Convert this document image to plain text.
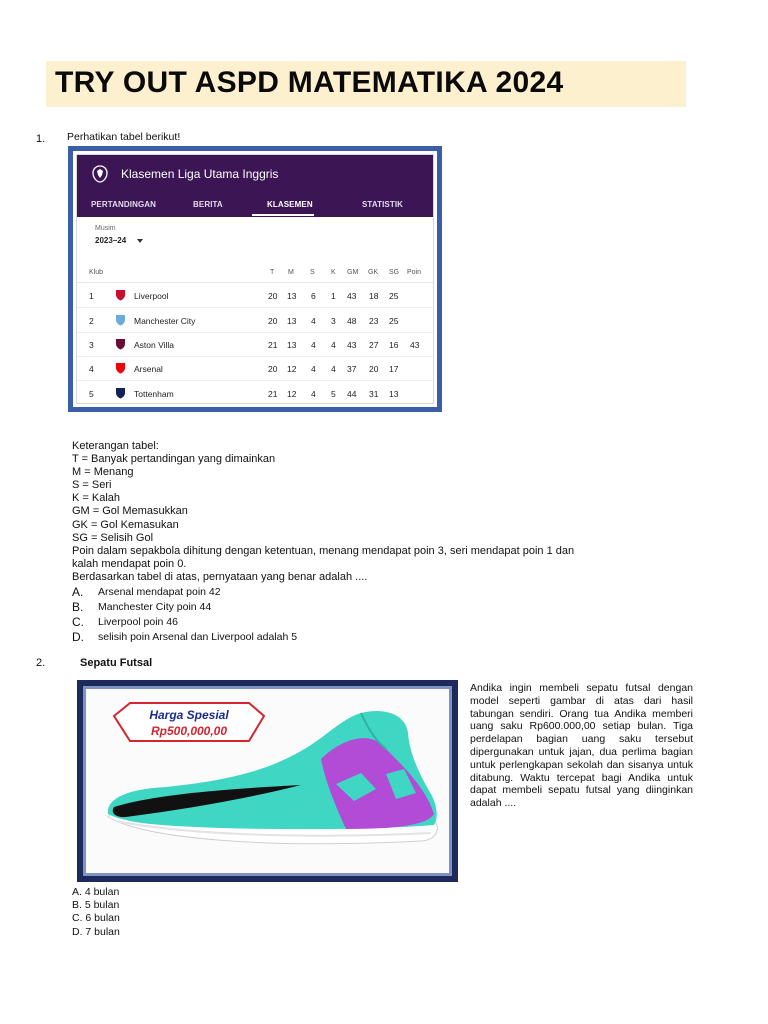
TRY OUT ASPD MATEMATIKA 2024
1. Perhatikan tabel berikut!
Klasemen Liga Utama Inggris
PERTANDINGAN	BERITA	KLASEMEN	STATISTIK
Musim
2023–24
Klub	T M S K GM GK SG Poin
1	Liverpool	20 13 6 1 43 18 25
2	Manchester City	20 13 4 3 48 23 25
3	Aston Villa	21 13 4 4 43 27 16 43
4	Arsenal	20 12 4 4 37 20 17
5	Tottenham	21 12 4 5 44 31 13
Keterangan tabel:
T = Banyak pertandingan yang dimainkan
M = Menang
S = Seri
K = Kalah
GM = Gol Memasukkan
GK = Gol Kemasukan
SG = Selisih Gol
Poin dalam sepakbola dihitung dengan ketentuan, menang mendapat poin 3, seri mendapat poin 1 dan
kalah mendapat poin 0.
Berdasarkan tabel di atas, pernyataan yang benar adalah ....
A. Arsenal mendapat poin 42
B. Manchester City poin 44
C. Liverpool poin 46
D. selisih poin Arsenal dan Liverpool adalah 5
2.	Sepatu Futsal
Harga Spesial
Rp500,000,00

Andika ingin membeli sepatu futsal dengan model seperti gambar di atas dari hasil tabungan sendiri. Orang tua Andika memberi uang saku Rp600.000,00 setiap bulan. Tiga perdelapan bagian uang saku tersebut dipergunakan untuk jajan, dua perlima bagian untuk perlengkapan sekolah dan sisanya untuk ditabung. Waktu tercepat bagi Andika untuk dapat membeli sepatu futsal yang diinginkan adalah ....

A. 4 bulan
B. 5 bulan
C. 6 bulan
D. 7 bulan
